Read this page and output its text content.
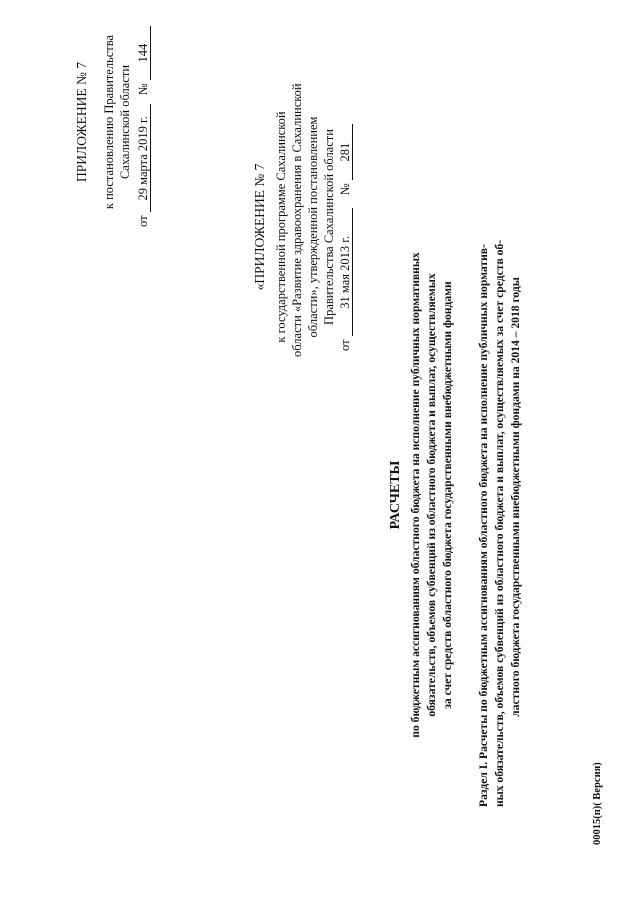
ПРИЛОЖЕНИЕ № 7 к постановлению Правительства Сахалинской области
от 29 марта 2019 г. № 144
«ПРИЛОЖЕНИЕ № 7 к государственной программе Сахалинской области «Развитие здравоохранения в Сахалинской области», утвержденной постановлением Правительства Сахалинской области
от 31 мая 2013 г. № 281
РАСЧЕТЫ по бюджетным ассигнованиям областного бюджета на исполнение публичных нормативных обязательств, объемов субвенций из областного бюджета и выплат, осуществляемых за счет средств областного бюджета государственными внебюджетными фондами Раздел I. Расчеты по бюджетным ассигнованиям областного бюджета на исполнение публичных норматив- ных обязательств, объемов субвенций из областного бюджета и выплат, осуществляемых за счет средств об- ластного бюджета государственными внебюджетными фондами на 2014 – 2018 годы
00015(п)( Версия)
